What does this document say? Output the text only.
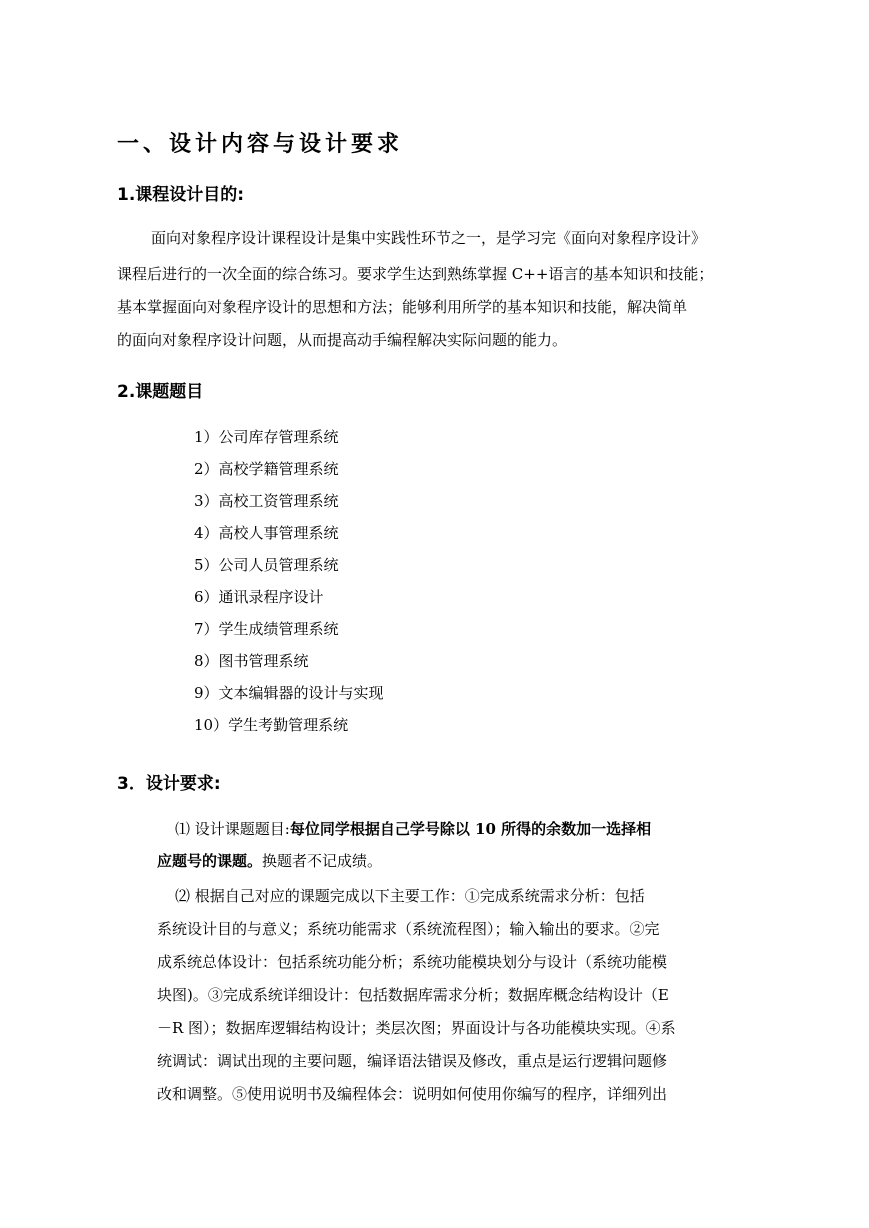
一、设计内容与设计要求
1.课程设计目的:
面向对象程序设计课程设计是集中实践性环节之一，是学习完《面向对象程序设计》
课程后进行的一次全面的综合练习。要求学生达到熟练掌握 C++语言的基本知识和技能；
基本掌握面向对象程序设计的思想和方法；能够利用所学的基本知识和技能，解决简单
的面向对象程序设计问题，从而提高动手编程解决实际问题的能力。
2.课题题目
1）公司库存管理系统
2）高校学籍管理系统
3）高校工资管理系统
4）高校人事管理系统
5）公司人员管理系统
6）通讯录程序设计
7）学生成绩管理系统
8）图书管理系统
9）文本编辑器的设计与实现
10）学生考勤管理系统
3．设计要求:
⑴ 设计课题题目:每位同学根据自己学号除以 10 所得的余数加一选择相
应题号的课题。换题者不记成绩。
⑵ 根据自己对应的课题完成以下主要工作：①完成系统需求分析：包括
系统设计目的与意义；系统功能需求（系统流程图）；输入输出的要求。②完
成系统总体设计：包括系统功能分析；系统功能模块划分与设计（系统功能模
块图)。③完成系统详细设计：包括数据库需求分析；数据库概念结构设计（E
－R 图）；数据库逻辑结构设计；类层次图；界面设计与各功能模块实现。④系
统调试：调试出现的主要问题，编译语法错误及修改，重点是运行逻辑问题修
改和调整。⑤使用说明书及编程体会：说明如何使用你编写的程序，详细列出
